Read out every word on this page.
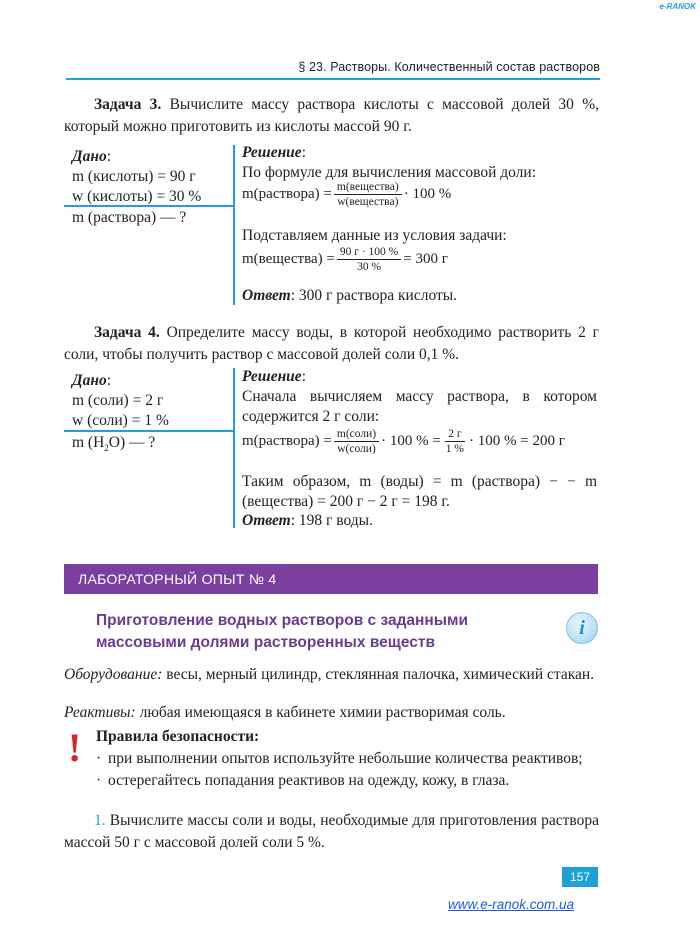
e-RANOK
§ 23. Растворы. Количественный состав растворов
Задача 3. Вычислите массу раствора кислоты с массовой долей 30 %, который можно приготовить из кислоты массой 90 г.
Дано:
m (кислоты) = 90 г
w (кислоты) = 30 %
m (раствора) — ?
Решение:
По формуле для вычисления массовой доли:
m(раствора) = $\frac{\text{m(вещества)}}{\text{w(вещества)}} \cdot 100$ %
Подставляем данные из условия задачи:
m(вещества) = $\frac{90 г \cdot 100 \%}{30 \%} = 300$ г
Ответ: 300 г раствора кислоты.
Задача 4. Определите массу воды, в которой необходимо растворить 2 г соли, чтобы получить раствор с массовой долей соли 0,1 %.
Дано:
m (соли) = 2 г
w (соли) = 1 %
m $(H_2O)$ — ?
Решение:
Сначала вычисляем массу раствора, в котором содержится 2 г соли:
m(раствора) = $\frac{\text{m(соли)}}{\text{w(соли)}} \cdot 100$ % = $\frac{2 г}{1 \%} \cdot 100$ % = 200 г
Таким образом, m (воды) = m (раствора) − − m (вещества) = 200 г − 2 г = 198 г.
Ответ: 198 г воды.
ЛАБОРАТОРНЫЙ ОПЫТ № 4
Приготовление водных растворов с заданными массовыми долями растворенных веществ
i
Оборудование: весы, мерный цилиндр, стеклянная палочка, химический стакан.
Реактивы: любая имеющаяся в кабинете химии растворимая соль.
! Правила безопасности:
· при выполнении опытов используйте небольшие количества реактивов;
· остерегайтесь попадания реактивов на одежду, кожу, в глаза.
1. Вычислите массы соли и воды, необходимые для приготовления раствора массой 50 г с массовой долей соли 5 %.
157
www.e-ranok.com.ua
